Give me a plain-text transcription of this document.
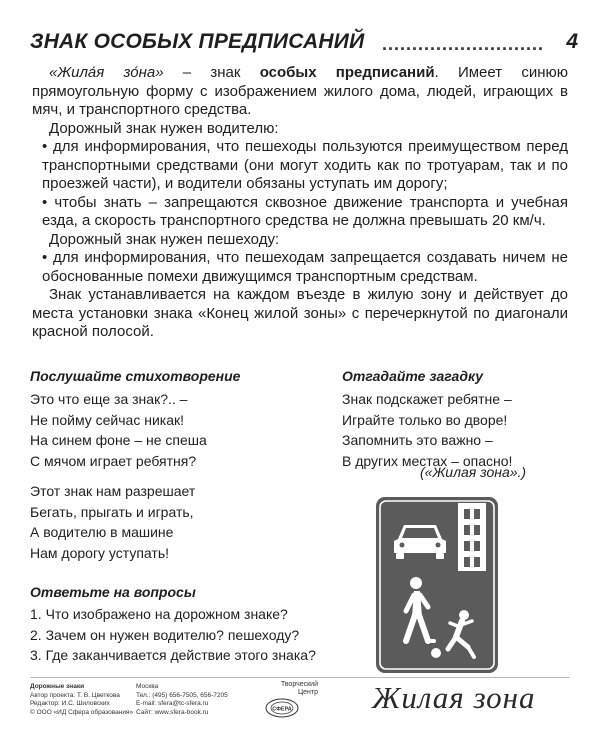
ЗНАК ОСОБЫХ ПРЕДПИСАНИЙ ........................... 4

«Жила́я зо́на» – знак особых предписаний. Имеет синюю прямоугольную форму с изображением жилого дома, людей, играющих в мяч, и транспортного средства.

Дорожный знак нужен водителю:

• для информирования, что пешеходы пользуются преимуществом перед транспортными средствами (они могут ходить как по тротуарам, так и по проезжей части), и водители обязаны уступать им дорогу;

• чтобы знать – запрещаются сквозное движение транспорта и учебная езда, а скорость транспортного средства не должна превышать 20 км/ч.

Дорожный знак нужен пешеходу:

• для информирования, что пешеходам запрещается создавать ничем не обоснованные помехи движущимся транспортным средствам.

Знак устанавливается на каждом въезде в жилую зону и действует до места установки знака «Конец жилой зоны» с перечеркнутой по диагонали красной полосой.

Послушайте стихотворение
Это что еще за знак?.. –
Не пойму сейчас никак!
На синем фоне – не спеша
С мячом играет ребятня?
Этот знак нам разрешает
Бегать, прыгать и играть,
А водителю в машине
Нам дорогу уступать!
Отгадайте загадку
Знак подскажет ребятне –
Играйте только во дворе!
Запомнить это важно –
В других местах – опасно!
(«Жилая зона».)
Ответьте на вопросы
1. Что изображено на дорожном знаке?
2. Зачем он нужен водителю? пешеходу?
3. Где заканчивается действие этого знака?
Дорожные знаки
Автор проекта: Т. В. Цветкова
Редактор: И.С. Шиловских
© ООО «ИД Сфера образования»
Москва
Тел.: (495) 656-7505, 656-7205
E-mail: sfera@tc-sfera.ru
Сайт: www.sfera-book.ru
Творческий
Центр
СФЕРА	Жилая зона
